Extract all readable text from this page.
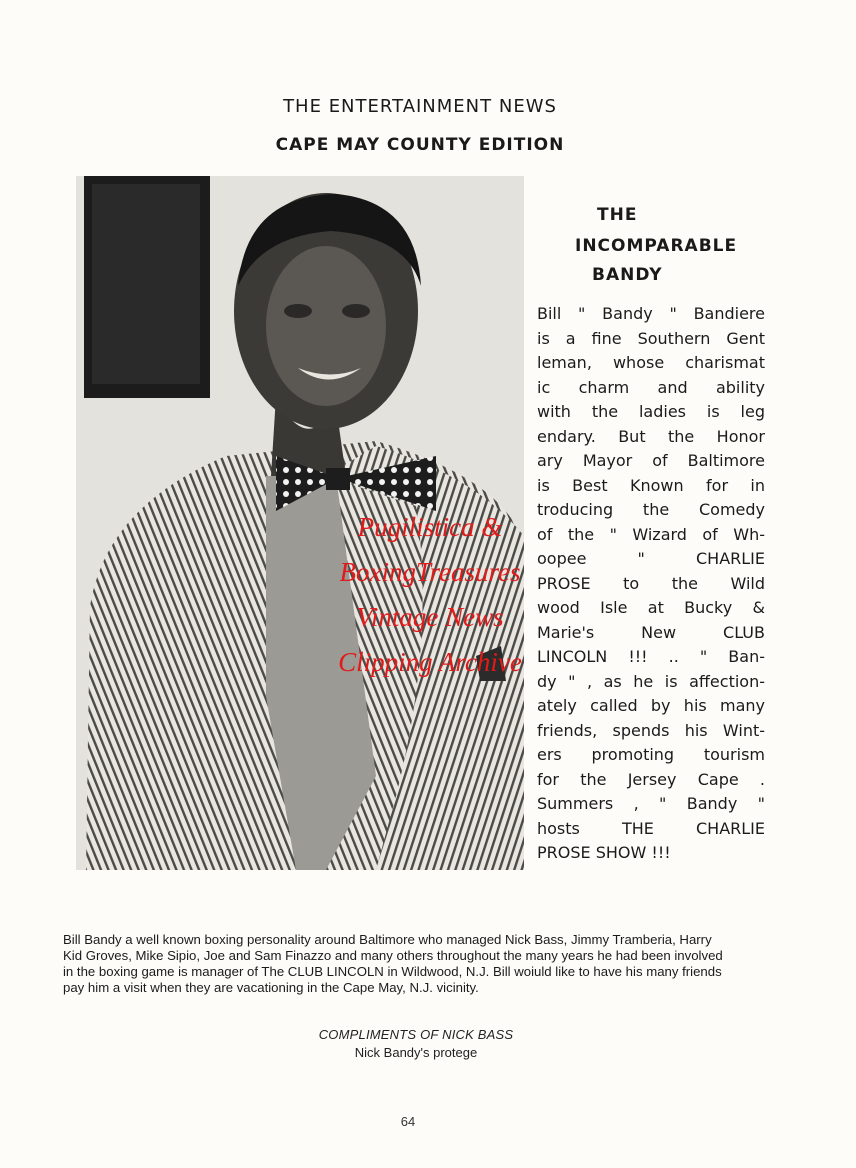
THE ENTERTAINMENT NEWS
CAPE MAY COUNTY EDITION
THE
INCOMPARABLE
BANDY
Bill " Bandy " Bandiere
is a fine Southern Gent
leman, whose charismat
ic charm and ability
with the ladies is leg
endary. But the Honor
ary Mayor of Baltimore
is Best Known for in
troducing the Comedy
of the " Wizard of Wh-
oopee " CHARLIE
PROSE to the Wild
wood Isle at Bucky &
Marie's New CLUB
LINCOLN !!! .. " Ban-
dy " , as he is affection-
ately called by his many
friends, spends his Wint-
ers promoting tourism
for the Jersey Cape .
Summers , " Bandy "
hosts THE CHARLIE
PROSE SHOW !!!
Pugilistica &
BoxingTreasures
Vintage News
Clipping Archive
Bill Bandy a well known boxing personality around Baltimore who managed Nick Bass, Jimmy Tramberia, Harry
Kid Groves, Mike Sipio, Joe and Sam Finazzo and many others throughout the many years he had been involved
in the boxing game is manager of The CLUB LINCOLN in Wildwood, N.J. Bill woiuld like to have his many friends
pay him a visit when they are vacationing in the Cape May, N.J. vicinity.
COMPLIMENTS OF NICK BASS
Nick Bandy's protege
64
